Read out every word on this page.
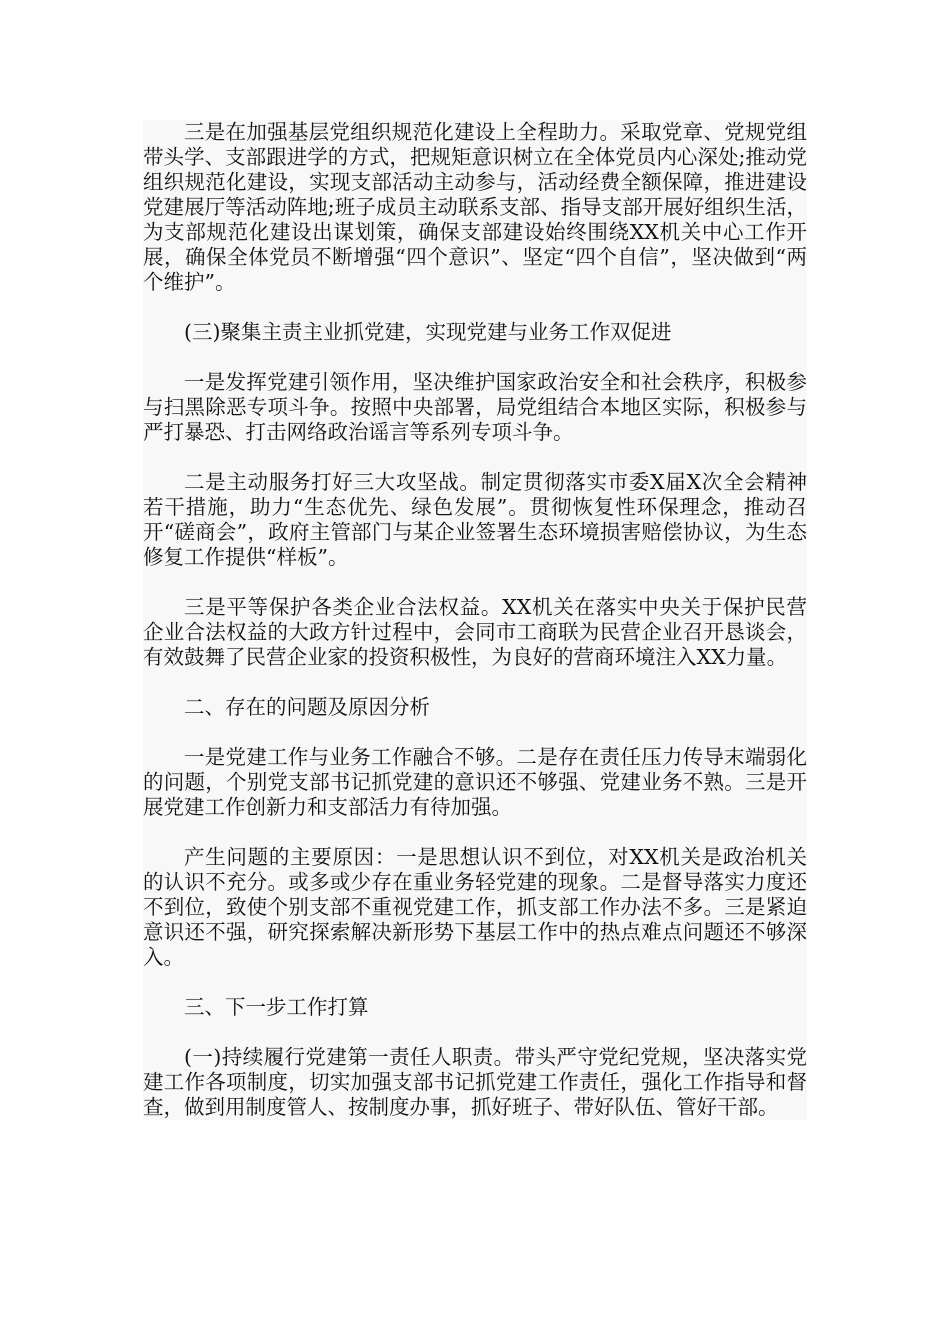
三是在加强基层党组织规范化建设上全程助力。采取党章、党规党组带头学、支部跟进学的方式，把规矩意识树立在全体党员内心深处;推动党组织规范化建设，实现支部活动主动参与，活动经费全额保障，推进建设党建展厅等活动阵地;班子成员主动联系支部、指导支部开展好组织生活，为支部规范化建设出谋划策，确保支部建设始终围绕XX机关中心工作开展，确保全体党员不断增强“四个意识”、坚定“四个自信”，坚决做到“两个维护”。

(三)聚集主责主业抓党建，实现党建与业务工作双促进

一是发挥党建引领作用，坚决维护国家政治安全和社会秩序，积极参与扫黑除恶专项斗争。按照中央部署，局党组结合本地区实际，积极参与严打暴恐、打击网络政治谣言等系列专项斗争。

二是主动服务打好三大攻坚战。制定贯彻落实市委X届X次全会精神若干措施，助力“生态优先、绿色发展”。贯彻恢复性环保理念，推动召开“磋商会”，政府主管部门与某企业签署生态环境损害赔偿协议，为生态修复工作提供“样板”。

三是平等保护各类企业合法权益。XX机关在落实中央关于保护民营企业合法权益的大政方针过程中，会同市工商联为民营企业召开恳谈会，有效鼓舞了民营企业家的投资积极性，为良好的营商环境注入XX力量。

二、存在的问题及原因分析

一是党建工作与业务工作融合不够。二是存在责任压力传导末端弱化的问题，个别党支部书记抓党建的意识还不够强、党建业务不熟。三是开展党建工作创新力和支部活力有待加强。

产生问题的主要原因：一是思想认识不到位，对XX机关是政治机关的认识不充分。或多或少存在重业务轻党建的现象。二是督导落实力度还不到位，致使个别支部不重视党建工作，抓支部工作办法不多。三是紧迫意识还不强，研究探索解决新形势下基层工作中的热点难点问题还不够深入。

三、下一步工作打算

(一)持续履行党建第一责任人职责。带头严守党纪党规，坚决落实党建工作各项制度，切实加强支部书记抓党建工作责任，强化工作指导和督查，做到用制度管人、按制度办事，抓好班子、带好队伍、管好干部。
